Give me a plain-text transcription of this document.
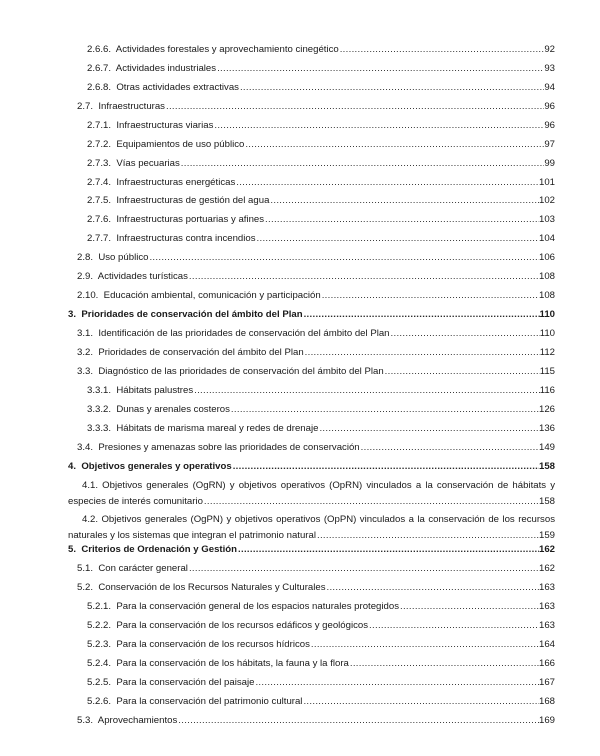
2.6.6.  Actividades forestales y aprovechamiento cinegético .....	92
2.6.7.  Actividades industriales .....	93
2.6.8.  Otras actividades extractivas .....	94
2.7.  Infraestructuras .....	96
2.7.1.  Infraestructuras viarias .....	96
2.7.2.  Equipamientos de uso público .....	97
2.7.3.  Vías pecuarias .....	99
2.7.4.  Infraestructuras energéticas .....	101
2.7.5.  Infraestructuras de gestión del agua .....	102
2.7.6.  Infraestructuras portuarias y afines .....	103
2.7.7.  Infraestructuras contra incendios .....	104
2.8.  Uso público .....	106
2.9.  Actividades turísticas .....	108
2.10.  Educación ambiental, comunicación y participación .....	108
3.  Prioridades de conservación del ámbito del Plan .....	110
3.1.  Identificación de las prioridades de conservación del ámbito del Plan .....	110
3.2.  Prioridades de conservación del ámbito del Plan .....	112
3.3.  Diagnóstico de las prioridades de conservación del ámbito del Plan .....	115
3.3.1.  Hábitats palustres .....	116
3.3.2.  Dunas y arenales costeros .....	126
3.3.3.  Hábitats de marisma mareal y redes de drenaje .....	136
3.4.  Presiones y amenazas sobre las prioridades de conservación .....	149
4.  Objetivos generales y operativos .....	158
4.1. Objetivos generales (OgRN) y objetivos operativos (OpRN) vinculados a la conservación de hábitats y
especies de interés comunitario .....	158
4.2. Objetivos generales (OgPN) y objetivos operativos (OpPN) vinculados a la conservación de los recursos
naturales y los sistemas que integran el patrimonio natural .....	159
5.  Criterios de Ordenación y Gestión .....	162
5.1.  Con carácter general .....	162
5.2.  Conservación de los Recursos Naturales y Culturales .....	163
5.2.1.  Para la conservación general de los espacios naturales protegidos .....	163
5.2.2.  Para la conservación de los recursos edáficos y geológicos .....	163
5.2.3.  Para la conservación de los recursos hídricos .....	164
5.2.4.  Para la conservación de los hábitats, la fauna y la flora .....	166
5.2.5.  Para la conservación del paisaje .....	167
5.2.6.  Para la conservación del patrimonio cultural .....	168
5.3.  Aprovechamientos .....	169
